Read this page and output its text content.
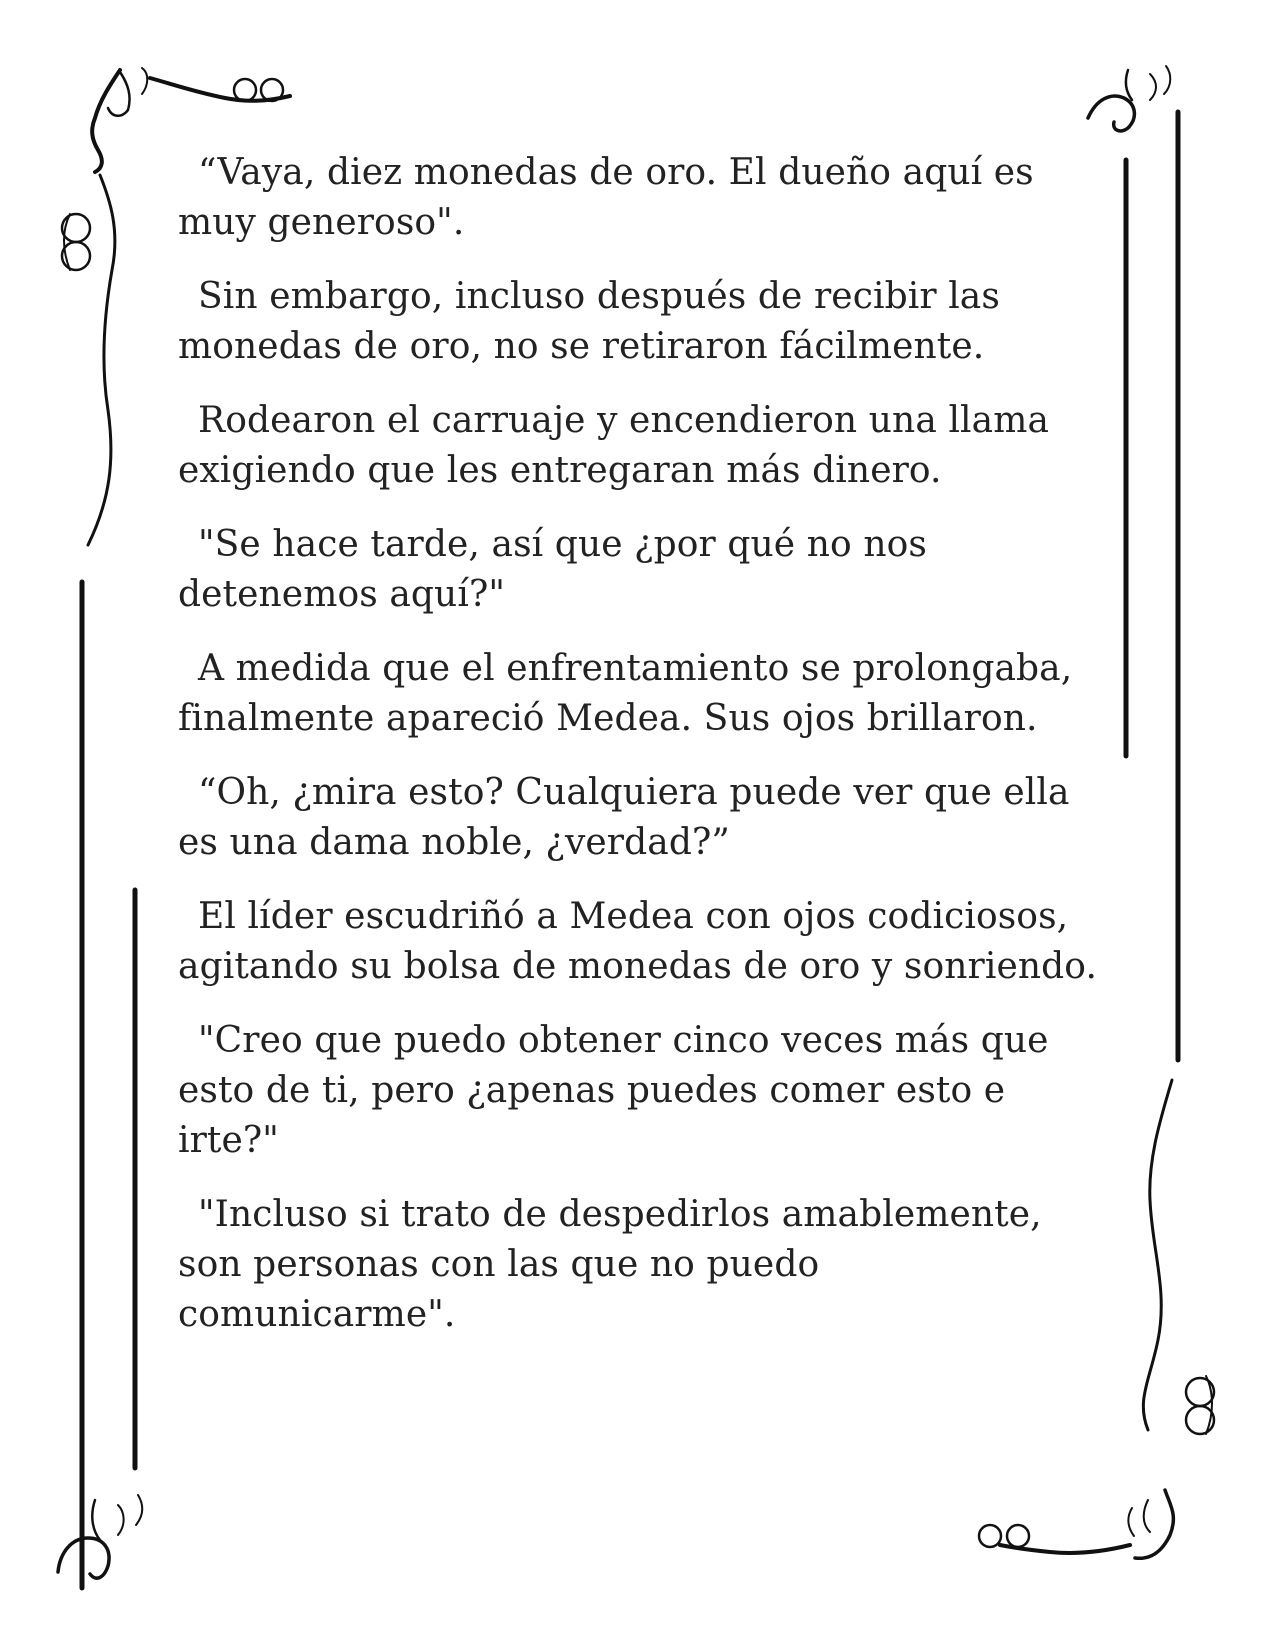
“Vaya, diez monedas de oro. El dueño aquí es muy generoso".

Sin embargo, incluso después de recibir las monedas de oro, no se retiraron fácilmente.

Rodearon el carruaje y encendieron una llama exigiendo que les entregaran más dinero.

"Se hace tarde, así que ¿por qué no nos detenemos aquí?"

A medida que el enfrentamiento se prolongaba, finalmente apareció Medea. Sus ojos brillaron.

“Oh, ¿mira esto? Cualquiera puede ver que ella es una dama noble, ¿verdad?”

El líder escudriñó a Medea con ojos codiciosos, agitando su bolsa de monedas de oro y sonriendo.

"Creo que puedo obtener cinco veces más que esto de ti, pero ¿apenas puedes comer esto e irte?"

"Incluso si trato de despedirlos amablemente, son personas con las que no puedo comunicarme".
